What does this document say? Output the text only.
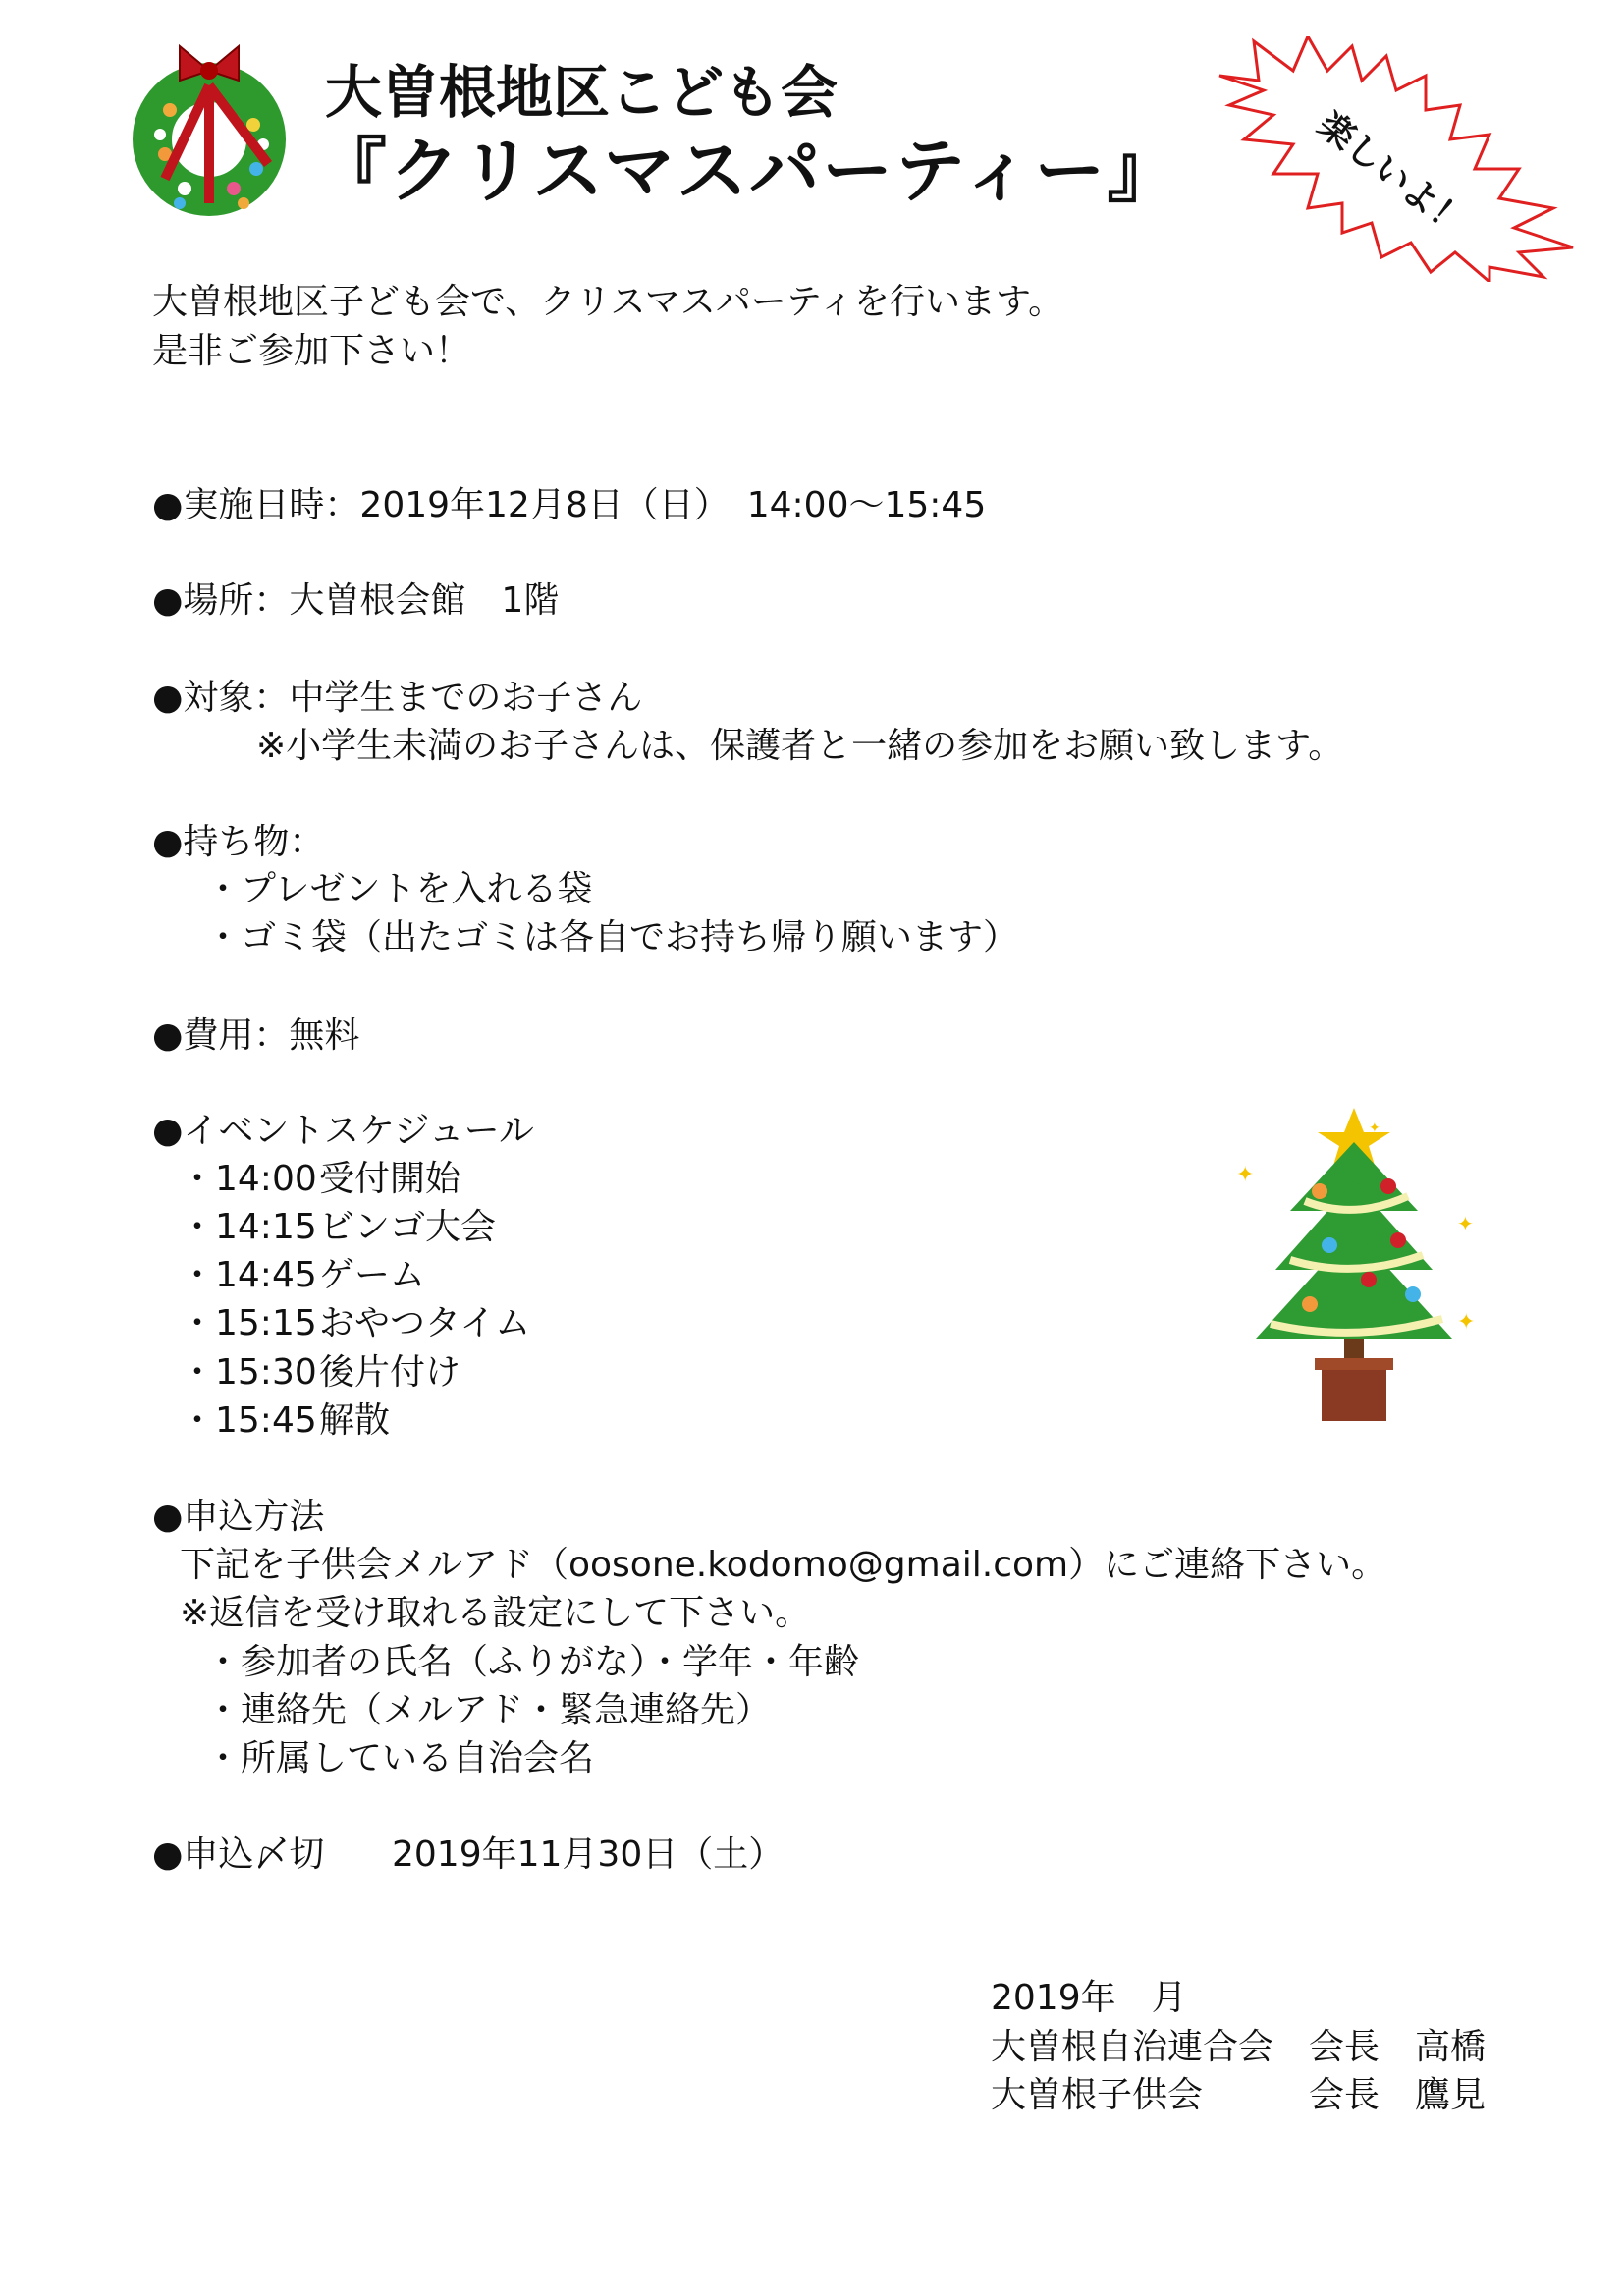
大曽根地区こども会
『クリスマスパーティー』	楽しいよ！
大曽根地区子ども会で、クリスマスパーティを行います。
是非ご参加下さい！
●実施日時：2019年12月8日（日）　14:00〜15:45
●場所：大曽根会館　1階
●対象：中学生までのお子さん
※小学生未満のお子さんは、保護者と一緒の参加をお願い致します。
●持ち物：
・プレゼントを入れる袋
・ゴミ袋（出たゴミは各自でお持ち帰り願います）
●費用：無料
●イベントスケジュール
・14:00 受付開始
・14:15 ビンゴ大会
・14:45 ゲーム
・15:15 おやつタイム
・15:30 後片付け
・15:45 解散
✦
✦
✦
✦
●申込方法
下記を子供会メルアド（oosone.kodomo@gmail.com）にご連絡下さい。
※返信を受け取れる設定にして下さい。
・参加者の氏名（ふりがな）・学年・年齢
・連絡先（メルアド・緊急連絡先）
・所属している自治会名
●申込〆切 2019年11月30日（土）
2019年　月
大曽根自治連合会　会長　高橋
大曽根子供会　　　会長　鷹見
